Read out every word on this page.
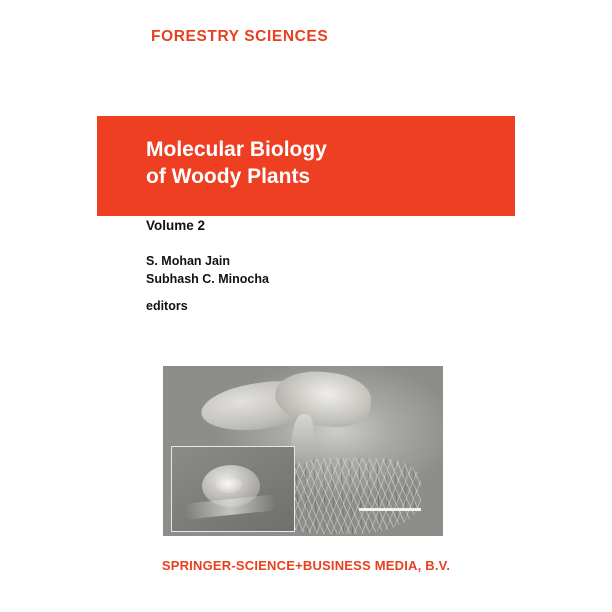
FORESTRY SCIENCES
Molecular Biology
of Woody Plants
Volume 2
S. Mohan Jain
Subhash C. Minocha
editors
SPRINGER-SCIENCE+BUSINESS MEDIA, B.V.
